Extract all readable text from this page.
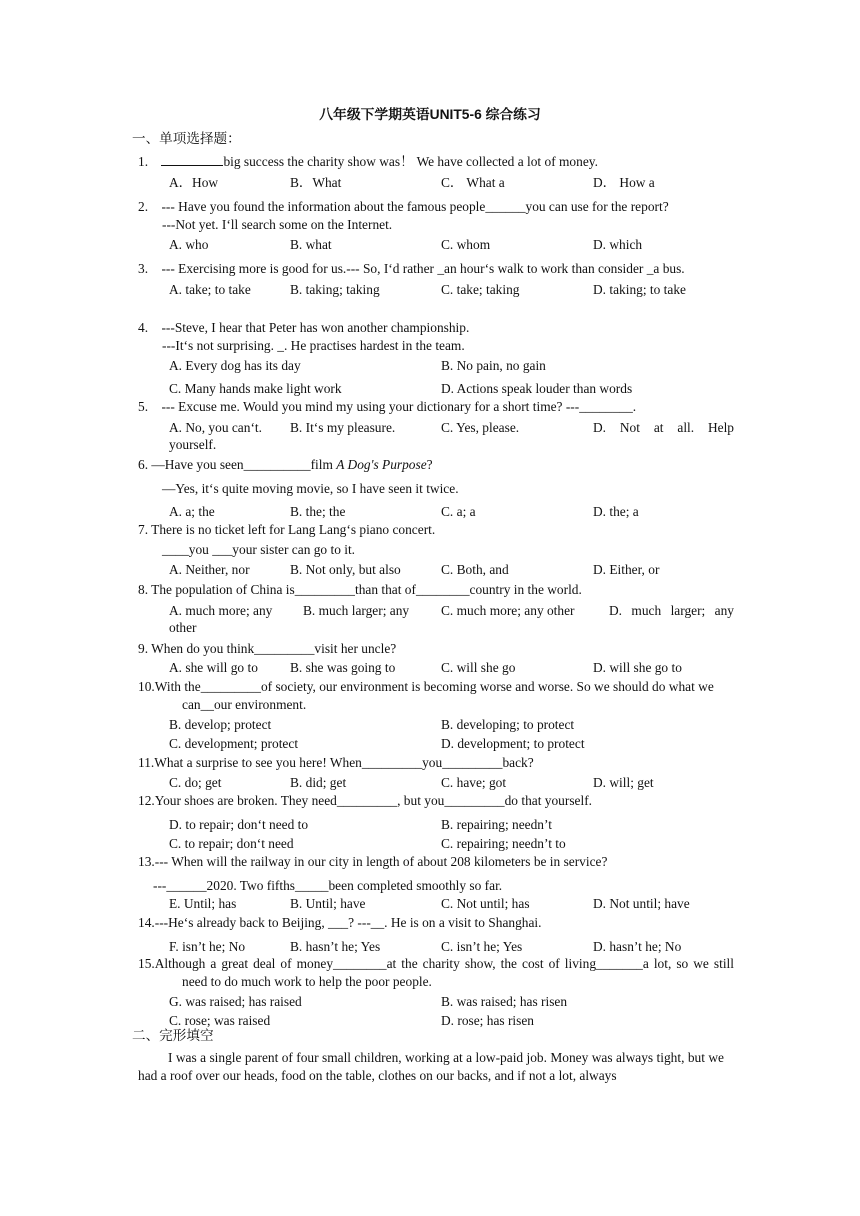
八年级下学期英语UNIT5-6 综合练习
一、单项选择题：
1.	big success the charity show was！ We have collected a lot of money.
A．How	B．What	C． What a	D． How a
2. --- Have you found the information about the famous people______you can use for the report?
---Not yet. I‘ll search some on the Internet.
A. who	B. what	C. whom	D. which
3. --- Exercising more is good for us.--- So, I‘d rather _an hour‘s walk to work than consider _a bus.
A. take; to take	B. taking; taking	C. take; taking	D. taking; to take
4. ---Steve, I hear that Peter has won another championship.
---It‘s not surprising. _. He practises hardest in the team.
A. Every dog has its day	B. No pain, no gain
C. Many hands make light work	D. Actions speak louder than words
5. --- Excuse me. Would you mind my using your dictionary for a short time? ---________.
A. No, you can‘t. B. It‘s my pleasure.	C. Yes, please.	D. Not at all. Help yourself.
6. —Have you seen__________film A Dog's Purpose?
—Yes, it‘s quite moving movie, so I have seen it twice.
A. a; the	B. the; the	C. a; a	D. the; a
7. There is no ticket left for Lang Lang‘s piano concert.
____you ___your sister can go to it.
A. Neither, nor	B. Not only, but also	C. Both, and	D. Either, or
8. The population of China is_________than that of________country in the world.
A. much more; any B. much larger; any C. much more; any other	D. much larger; any other
9. When do you think_________visit her uncle?
A. she will go to B. she was going to	C. will she go	D. will she go to
10.With the_________of society, our environment is becoming worse and worse. So we should do what we can__our environment.
B. develop; protect	B. developing; to protect
C. development; protect	D. development; to protect
11.What a surprise to see you here! When_________you_________back?
C. do; get	B. did; get	C. have; got	D. will; get
12.Your shoes are broken. They need_________, but you_________do that yourself.
D. to repair; don‘t need to	B. repairing; needn’t
C. to repair; don‘t need	C. repairing; needn’t to
13.--- When will the railway in our city in length of about 208 kilometers be in service?
---______2020. Two fifths_____been completed smoothly so far.
E. Until; has	B. Until; have	C. Not until; has	D. Not until; have
14.---He‘s already back to Beijing, ___? ---__. He is on a visit to Shanghai.
F. isn’t he; No	B. hasn’t he; Yes	C. isn’t he; Yes	D. hasn’t he; No
15.Although a great deal of money________at the charity show, the cost of living_______a lot, so we still need to do much work to help the poor people.
G. was raised; has raised	B. was raised; has risen
C. rose; was raised	D. rose; has risen
二、完形填空
I was a single parent of four small children, working at a low-paid job. Money was always tight, but we had a roof over our heads, food on the table, clothes on our backs, and if not a lot, always
